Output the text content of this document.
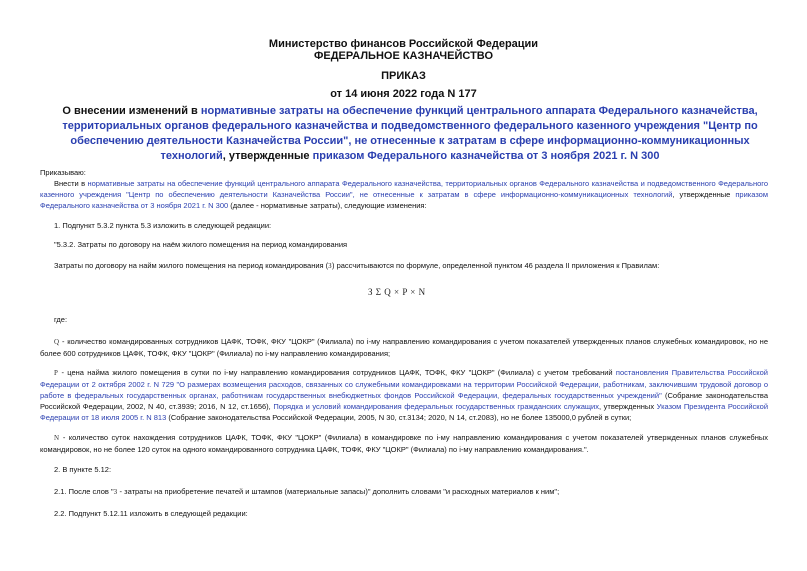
Министерство финансов Российской Федерации
ФЕДЕРАЛЬНОЕ КАЗНАЧЕЙСТВО
ПРИКАЗ
от 14 июня 2022 года N 177
О внесении изменений в нормативные затраты на обеспечение функций центрального аппарата Федерального казначейства, территориальных органов федерального казначейства и подведомственного федерального казенного учреждения "Центр по обеспечению деятельности Казначейства России", не отнесенные к затратам в сфере информационно-коммуникационных технологий, утвержденные приказом Федерального казначейства от 3 ноября 2021 г. N 300
Приказываю:
Внести в нормативные затраты на обеспечение функций центрального аппарата Федерального казначейства, территориальных органов Федерального казначейства и подведомственного Федерального казенного учреждения "Центр по обеспечению деятельности Казначейства России", не отнесенные к затратам в сфере информационно-коммуникационных технологий, утвержденные приказом Федерального казначейства от 3 ноября 2021 г. N 300 (далее - нормативные затраты), следующие изменения:
1. Подпункт 5.3.2 пункта 5.3 изложить в следующей редакции:
"5.3.2. Затраты по договору на наём жилого помещения на период командирования
Затраты по договору на найм жилого помещения на период командирования (З) рассчитываются по формуле, определенной пунктом 46 раздела II приложения к Правилам:
З Σ Q × P × N
где:
Q - количество командированных сотрудников ЦАФК, ТОФК, ФКУ "ЦОКР" (Филиала) по i-му направлению командирования с учетом показателей утвержденных планов служебных командировок, но не более 600 сотрудников ЦАФК, ТОФК, ФКУ "ЦОКР" (Филиала) по i-му направлению командирования;
P - цена найма жилого помещения в сутки по i-му направлению командирования сотрудников ЦАФК, ТОФК, ФКУ "ЦОКР" (Филиала) с учетом требований постановления Правительства Российской Федерации от 2 октября 2002 г. N 729 "О размерах возмещения расходов, связанных со служебными командировками на территории Российской Федерации, работникам, заключившим трудовой договор о работе в федеральных государственных органах, работникам государственных внебюджетных фондов Российской Федерации, федеральных государственных учреждений" (Собрание законодательства Российской Федерации, 2002, N 40, ст.3939; 2016, N 12, ст.1656), Порядка и условий командирования федеральных государственных гражданских служащих, утвержденных Указом Президента Российской Федерации от 18 июля 2005 г. N 813 (Собрание законодательства Российской Федерации, 2005, N 30, ст.3134; 2020, N 14, ст.2083), но не более 135000,0 рублей в сутки;
N - количество суток нахождения сотрудников ЦАФК, ТОФК, ФКУ "ЦОКР" (Филиала) в командировке по i-му направлению командирования с учетом показателей утвержденных планов служебных командировок, но не более 120 суток на одного командированного сотрудника ЦАФК, ТОФК, ФКУ "ЦОКР" (Филиала) по i-му направлению командирования.".
2. В пункте 5.12:
2.1. После слов "З - затраты на приобретение печатей и штампов (материальные запасы)" дополнить словами "и расходных материалов к ним";
2.2. Подпункт 5.12.11 изложить в следующей редакции:
